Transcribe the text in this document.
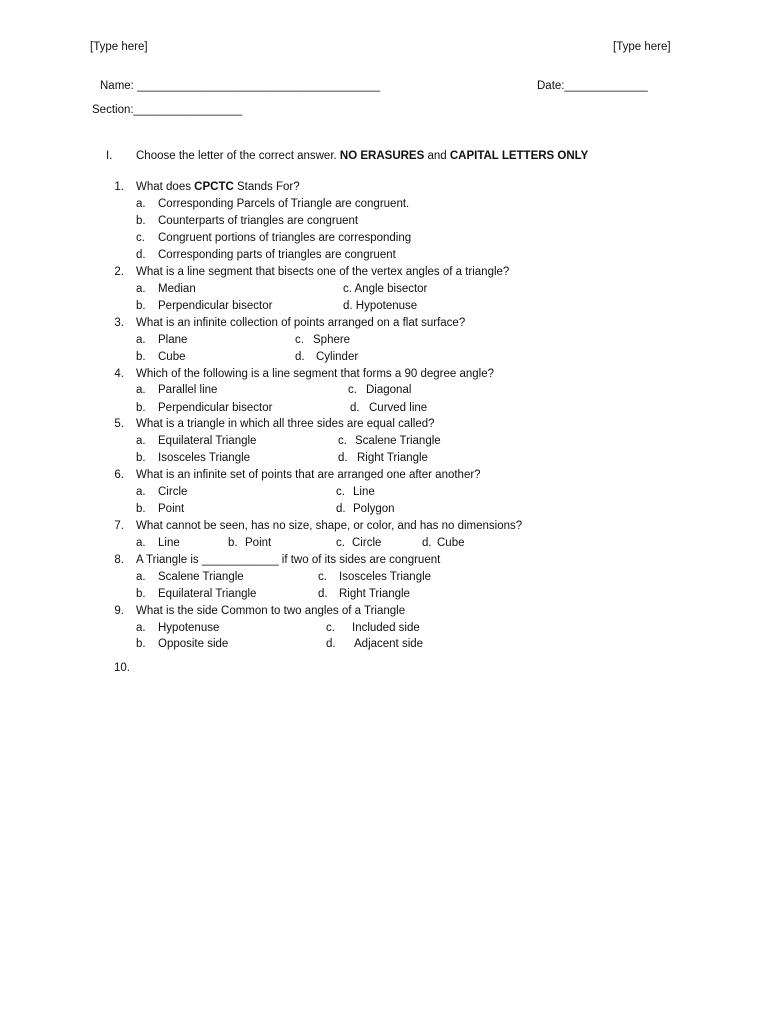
[Type here]	[Type here]
Name: ______________________________________	Date:_____________
Section:_________________
I. Choose the letter of the correct answer. NO ERASURES and CAPITAL LETTERS ONLY
1. What does CPCTC Stands For?
a. Corresponding Parcels of Triangle are congruent.
b. Counterparts of triangles are congruent
c. Congruent portions of triangles are corresponding
d. Corresponding parts of triangles are congruent
2. What is a line segment that bisects one of the vertex angles of a triangle?
a. Median	c. Angle bisector
b. Perpendicular bisector	d. Hypotenuse
3. What is an infinite collection of points arranged on a flat surface?
a. Plane	c. Sphere
b. Cube	d. Cylinder
4. Which of the following is a line segment that forms a 90 degree angle?
a. Parallel line	c. Diagonal
b. Perpendicular bisector	d. Curved line
5. What is a triangle in which all three sides are equal called?
a. Equilateral Triangle	c. Scalene Triangle
b. Isosceles Triangle	d. Right Triangle
6. What is an infinite set of points that are arranged one after another?
a. Circle	c. Line
b. Point	d. Polygon
7. What cannot be seen, has no size, shape, or color, and has no dimensions?
a. Line	b. Point	c. Circle	d. Cube
8. A Triangle is ____________ if two of its sides are congruent
a. Scalene Triangle	c. Isosceles Triangle
b. Equilateral Triangle	d. Right Triangle
9. What is the side Common to two angles of a Triangle
a. Hypotenuse	c. Included side
b. Opposite side	d. Adjacent side
10.
